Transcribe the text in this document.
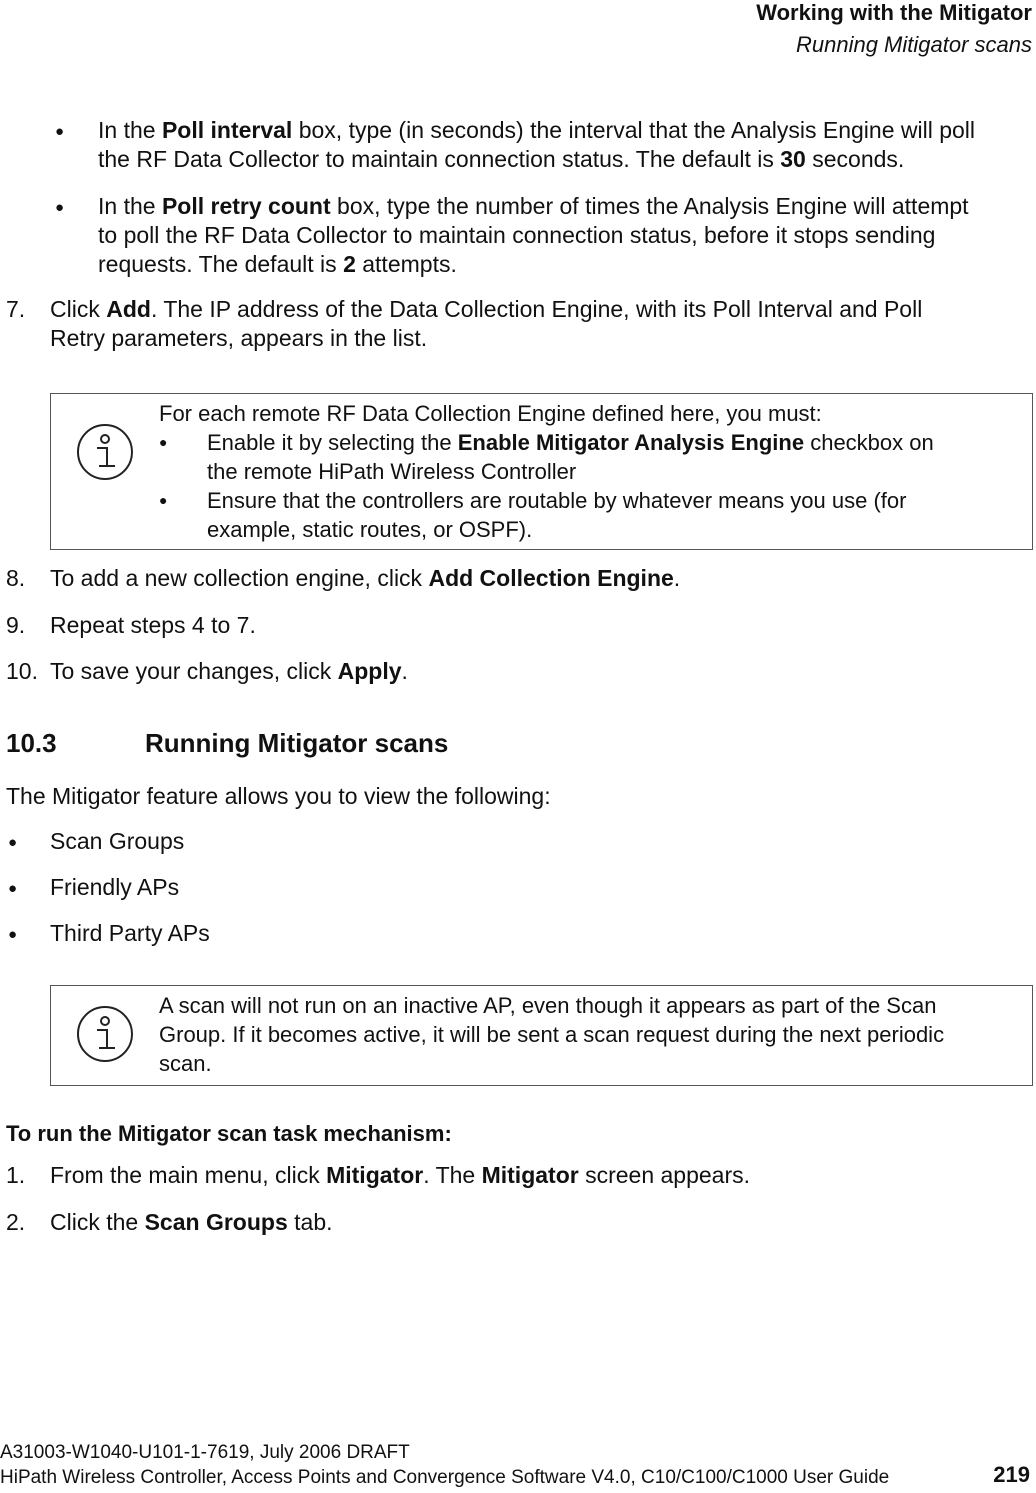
Working with the Mitigator
Running Mitigator scans
● In the Poll interval box, type (in seconds) the interval that the Analysis Engine will poll
the RF Data Collector to maintain connection status. The default is 30 seconds.
● In the Poll retry count box, type the number of times the Analysis Engine will attempt
to poll the RF Data Collector to maintain connection status, before it stops sending
requests. The default is 2 attempts.
7. Click Add. The IP address of the Data Collection Engine, with its Poll Interval and Poll
Retry parameters, appears in the list.
For each remote RF Data Collection Engine defined here, you must:
● Enable it by selecting the Enable Mitigator Analysis Engine checkbox on
the remote HiPath Wireless Controller
● Ensure that the controllers are routable by whatever means you use (for
example, static routes, or OSPF).
8. To add a new collection engine, click Add Collection Engine.
9. Repeat steps 4 to 7.
10. To save your changes, click Apply.
10.3	Running Mitigator scans
The Mitigator feature allows you to view the following:
● Scan Groups
● Friendly APs
● Third Party APs
A scan will not run on an inactive AP, even though it appears as part of the Scan
Group. If it becomes active, it will be sent a scan request during the next periodic
scan.
To run the Mitigator scan task mechanism:
1. From the main menu, click Mitigator. The Mitigator screen appears.
2. Click the Scan Groups tab.
A31003-W1040-U101-1-7619, July 2006 DRAFT
HiPath Wireless Controller, Access Points and Convergence Software V4.0, C10/C100/C1000 User Guide	219
